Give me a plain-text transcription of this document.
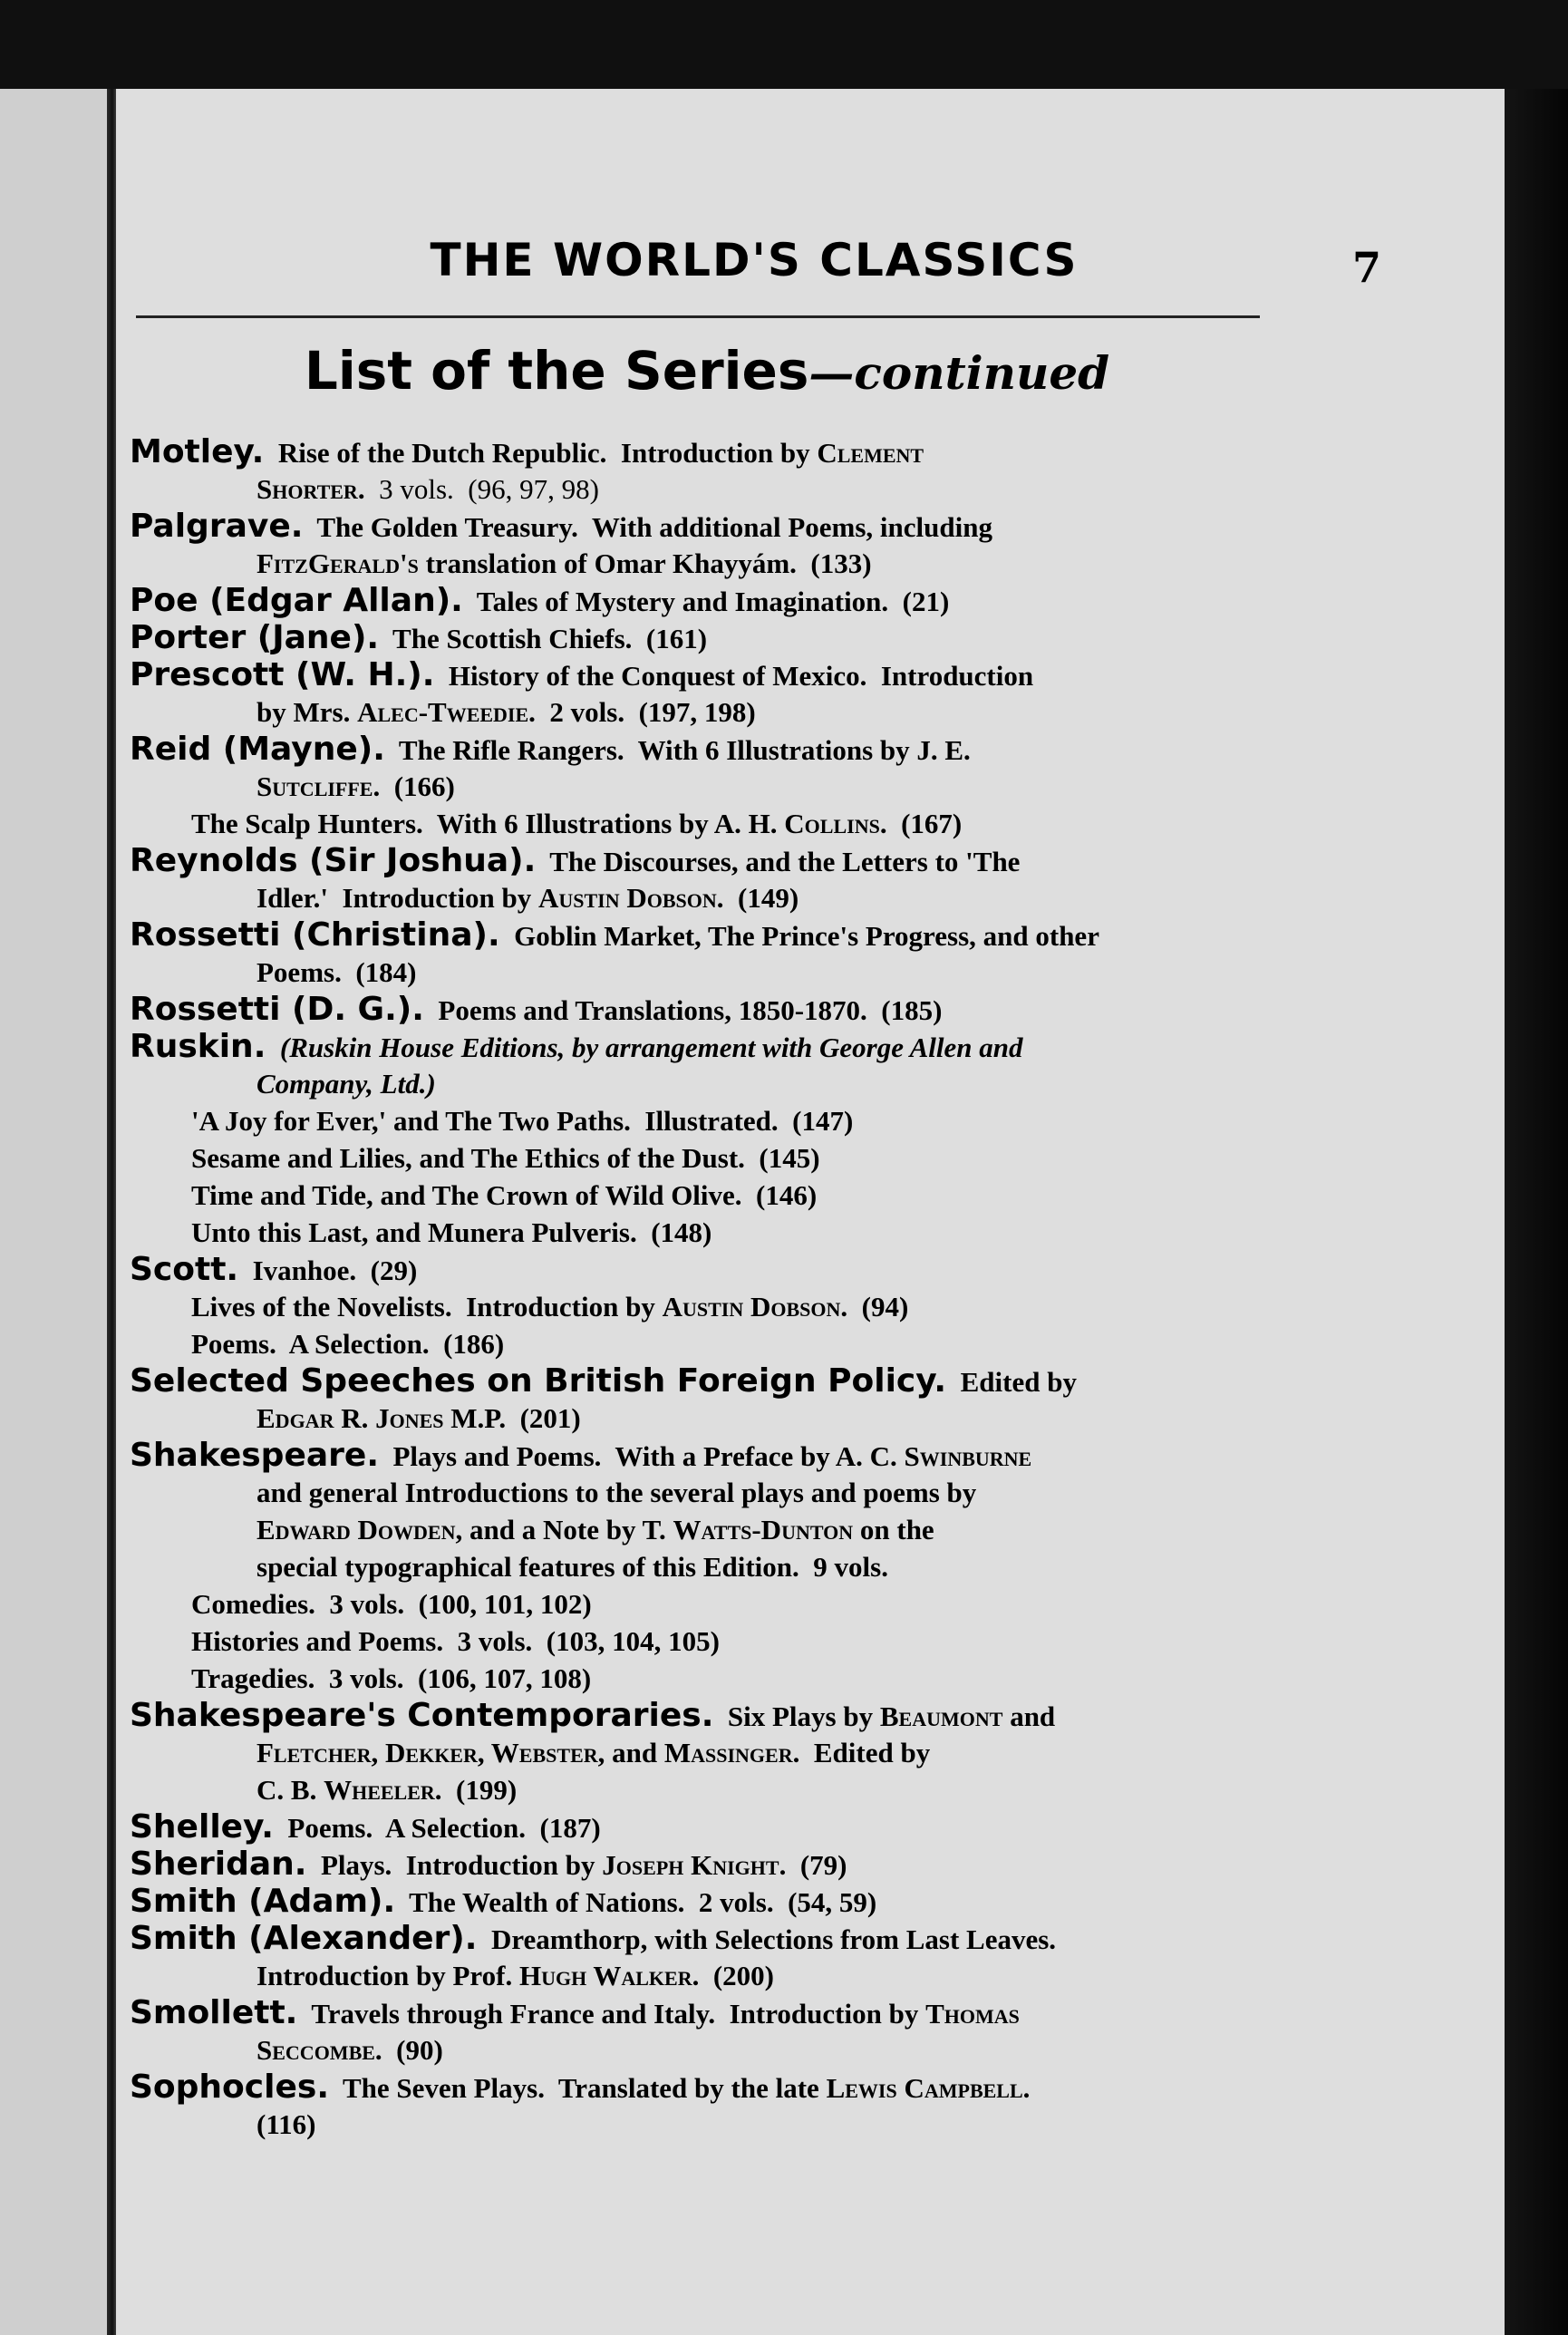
THE WORLD'S CLASSICS	7
List of the Series—continued
Motley.  Rise of the Dutch Republic.  Introduction by Clement
Shorter.  3 vols.  (96, 97, 98)
Palgrave.  The Golden Treasury.  With additional Poems, including
FitzGerald's translation of Omar Khayyám.  (133)
Poe (Edgar Allan).  Tales of Mystery and Imagination.  (21)
Porter (Jane).  The Scottish Chiefs.  (161)
Prescott (W. H.).  History of the Conquest of Mexico.  Introduction
by Mrs. Alec-Tweedie.  2 vols.  (197, 198)
Reid (Mayne).  The Rifle Rangers.  With 6 Illustrations by J. E.
Sutcliffe.  (166)
The Scalp Hunters.  With 6 Illustrations by A. H. Collins.  (167)
Reynolds (Sir Joshua).  The Discourses, and the Letters to 'The
Idler.'  Introduction by Austin Dobson.  (149)
Rossetti (Christina).  Goblin Market, The Prince's Progress, and other
Poems.  (184)
Rossetti (D. G.).  Poems and Translations, 1850-1870.  (185)
Ruskin.  (Ruskin House Editions, by arrangement with George Allen and
Company, Ltd.)
'A Joy for Ever,' and The Two Paths.  Illustrated.  (147)
Sesame and Lilies, and The Ethics of the Dust.  (145)
Time and Tide, and The Crown of Wild Olive.  (146)
Unto this Last, and Munera Pulveris.  (148)
Scott.  Ivanhoe.  (29)
Lives of the Novelists.  Introduction by Austin Dobson.  (94)
Poems.  A Selection.  (186)
Selected Speeches on British Foreign Policy.  Edited by
Edgar R. Jones M.P.  (201)
Shakespeare.  Plays and Poems.  With a Preface by A. C. Swinburne
and general Introductions to the several plays and poems by
Edward Dowden, and a Note by T. Watts-Dunton on the
special typographical features of this Edition.  9 vols.
Comedies.  3 vols.  (100, 101, 102)
Histories and Poems.  3 vols.  (103, 104, 105)
Tragedies.  3 vols.  (106, 107, 108)
Shakespeare's Contemporaries.  Six Plays by Beaumont and
Fletcher, Dekker, Webster, and Massinger.  Edited by
C. B. Wheeler.  (199)
Shelley.  Poems.  A Selection.  (187)
Sheridan.  Plays.  Introduction by Joseph Knight.  (79)
Smith (Adam).  The Wealth of Nations.  2 vols.  (54, 59)
Smith (Alexander).  Dreamthorp, with Selections from Last Leaves.
Introduction by Prof. Hugh Walker.  (200)
Smollett.  Travels through France and Italy.  Introduction by Thomas
Seccombe.  (90)
Sophocles.  The Seven Plays.  Translated by the late Lewis Campbell.
(116)
